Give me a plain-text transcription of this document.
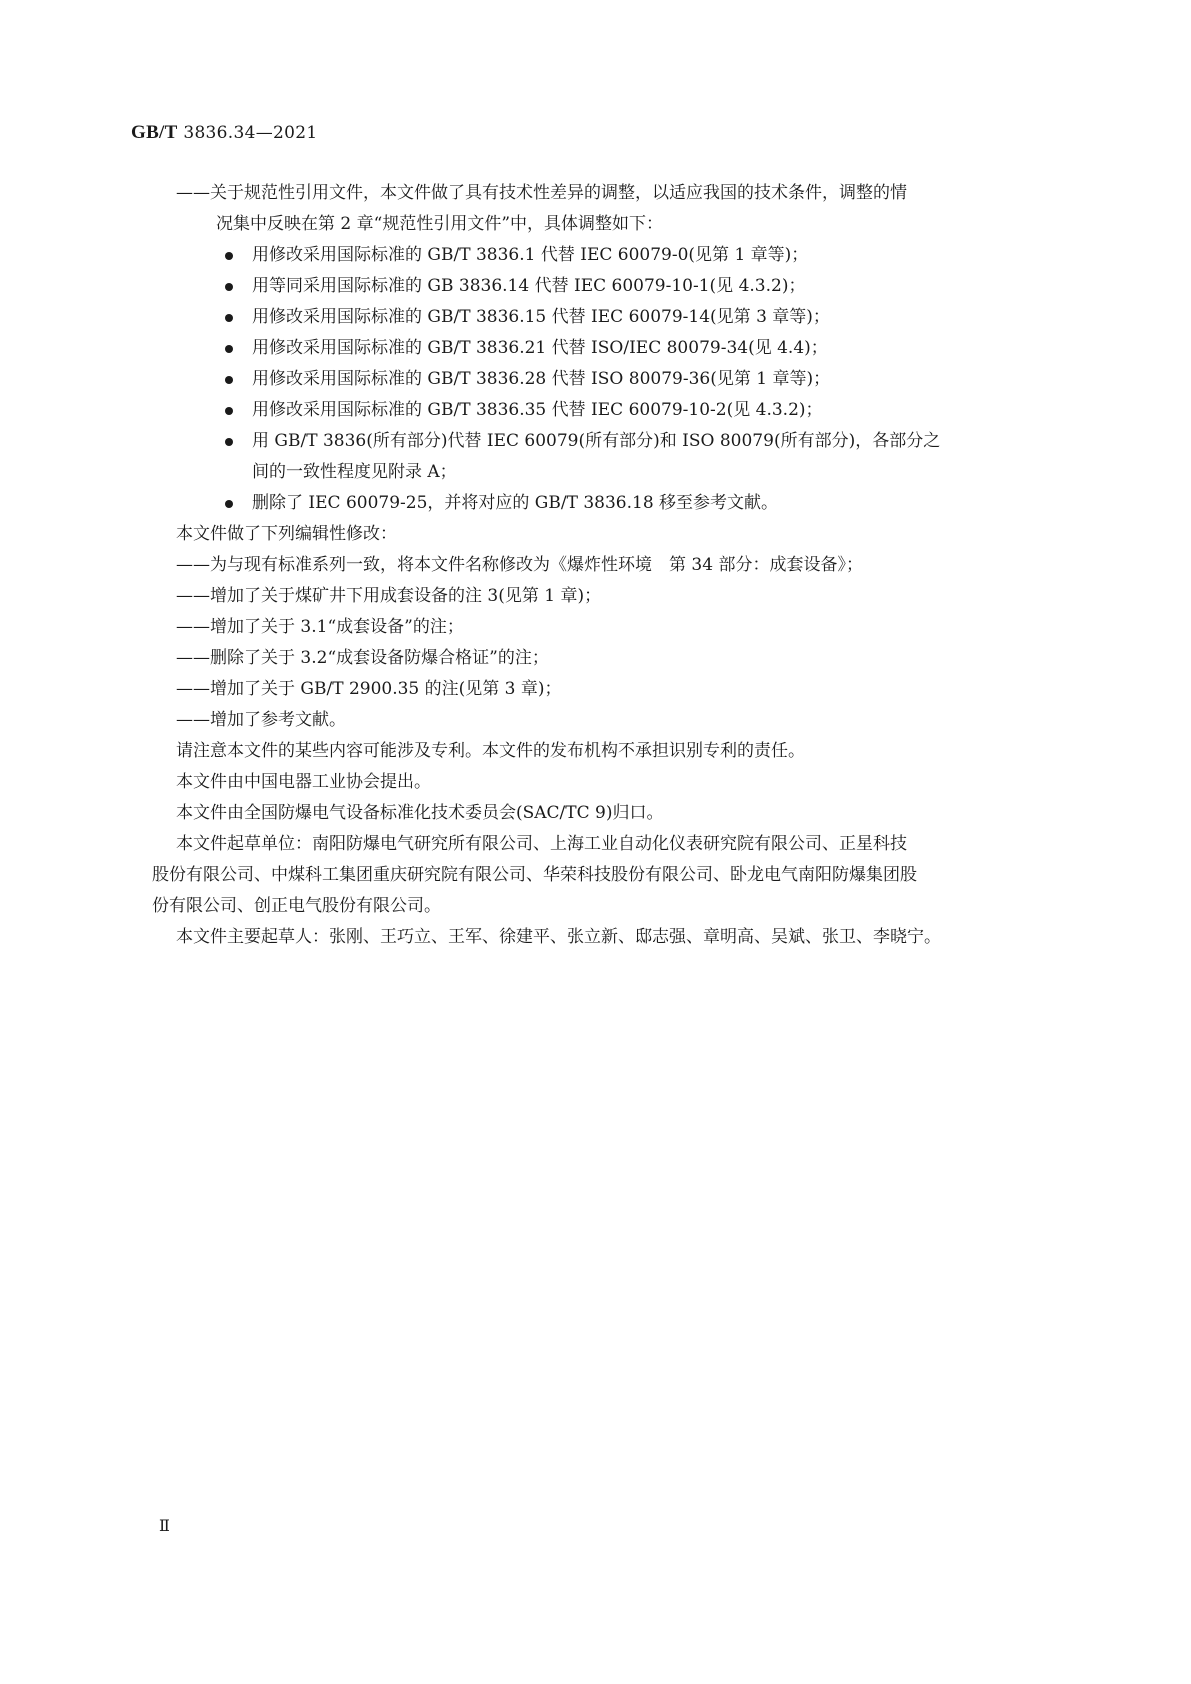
GB/T 3836.34—2021
——关于规范性引用文件，本文件做了具有技术性差异的调整，以适应我国的技术条件，调整的情
况集中反映在第 2 章“规范性引用文件”中，具体调整如下：
用修改采用国际标准的 GB/T 3836.1 代替 IEC 60079-0(见第 1 章等)；
用等同采用国际标准的 GB 3836.14 代替 IEC 60079-10-1(见 4.3.2)；
用修改采用国际标准的 GB/T 3836.15 代替 IEC 60079-14(见第 3 章等)；
用修改采用国际标准的 GB/T 3836.21 代替 ISO/IEC 80079-34(见 4.4)；
用修改采用国际标准的 GB/T 3836.28 代替 ISO 80079-36(见第 1 章等)；
用修改采用国际标准的 GB/T 3836.35 代替 IEC 60079-10-2(见 4.3.2)；
用 GB/T 3836(所有部分)代替 IEC 60079(所有部分)和 ISO 80079(所有部分)，各部分之
间的一致性程度见附录 A；
删除了 IEC 60079-25，并将对应的 GB/T 3836.18 移至参考文献。
本文件做了下列编辑性修改：
——为与现有标准系列一致，将本文件名称修改为《爆炸性环境　第 34 部分：成套设备》；
——增加了关于煤矿井下用成套设备的注 3(见第 1 章)；
——增加了关于 3.1“成套设备”的注；
——删除了关于 3.2“成套设备防爆合格证”的注；
——增加了关于 GB/T 2900.35 的注(见第 3 章)；
——增加了参考文献。
请注意本文件的某些内容可能涉及专利。本文件的发布机构不承担识别专利的责任。
本文件由中国电器工业协会提出。
本文件由全国防爆电气设备标准化技术委员会(SAC/TC 9)归口。
本文件起草单位：南阳防爆电气研究所有限公司、上海工业自动化仪表研究院有限公司、正星科技
股份有限公司、中煤科工集团重庆研究院有限公司、华荣科技股份有限公司、卧龙电气南阳防爆集团股
份有限公司、创正电气股份有限公司。
本文件主要起草人：张刚、王巧立、王军、徐建平、张立新、邸志强、章明高、吴斌、张卫、李晓宁。
Ⅱ
